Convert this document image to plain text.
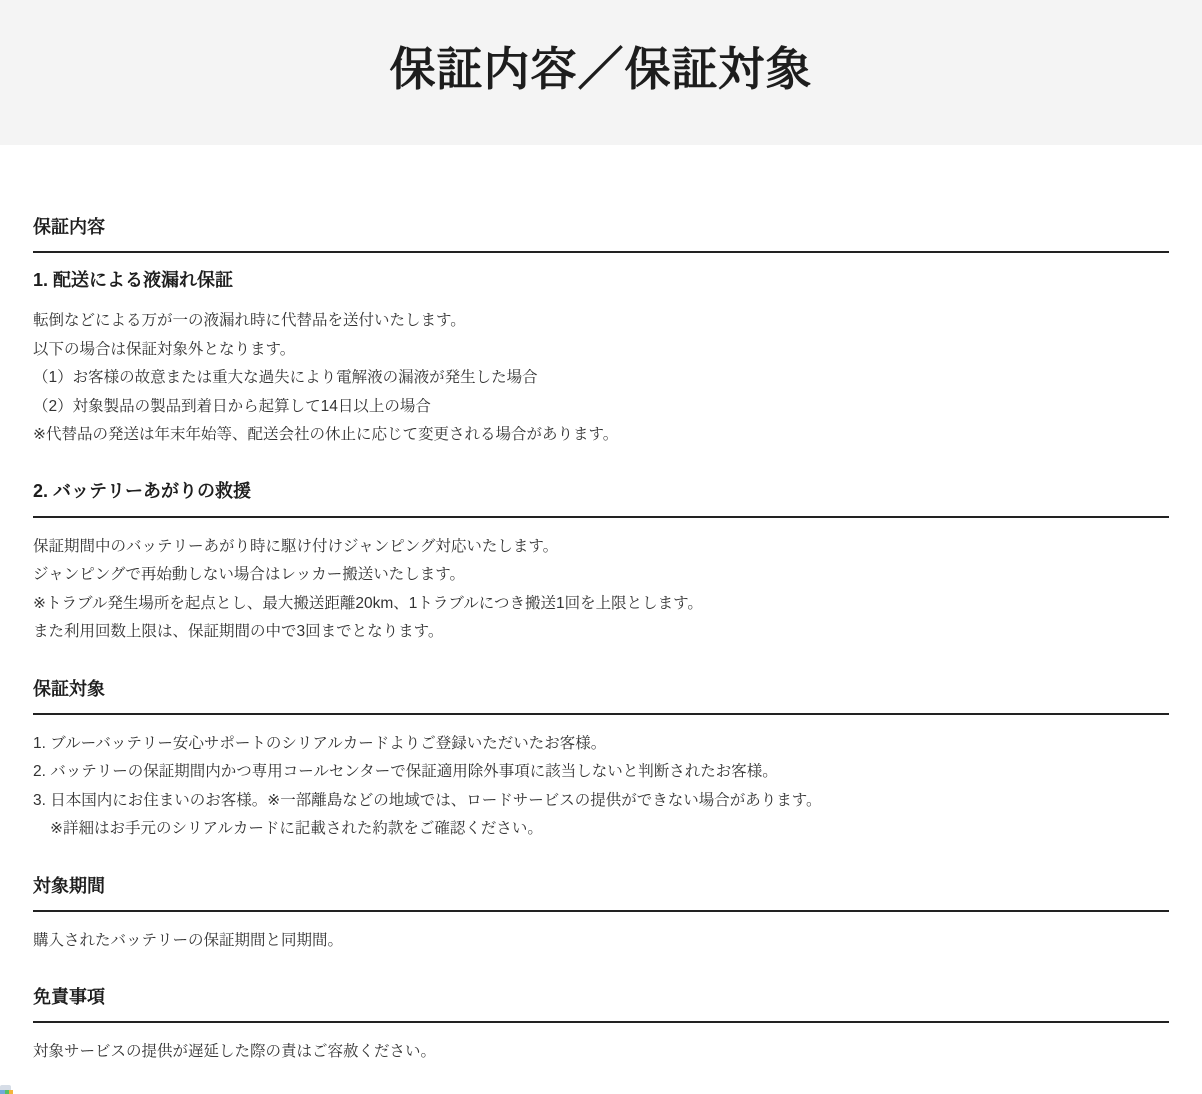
保証内容／保証対象
保証内容
1. 配送による液漏れ保証

転倒などによる万が一の液漏れ時に代替品を送付いたします。
以下の場合は保証対象外となります。
（1）お客様の故意または重大な過失により電解液の漏液が発生した場合
（2）対象製品の製品到着日から起算して14日以上の場合
※代替品の発送は年末年始等、配送会社の休止に応じて変更される場合があります。

2. バッテリーあがりの救援

保証期間中のバッテリーあがり時に駆け付けジャンピング対応いたします。
ジャンピングで再始動しない場合はレッカー搬送いたします。
※トラブル発生場所を起点とし、最大搬送距離20km、1トラブルにつき搬送1回を上限とします。
また利用回数上限は、保証期間の中で3回までとなります。

保証対象

1. ブルーバッテリー安心サポートのシリアルカードよりご登録いただいたお客様。
2. バッテリーの保証期間内かつ専用コールセンターで保証適用除外事項に該当しないと判断されたお客様。
3. 日本国内にお住まいのお客様。※一部離島などの地域では、ロードサービスの提供ができない場合があります。
※詳細はお手元のシリアルカードに記載された約款をご確認ください。

対象期間

購入されたバッテリーの保証期間と同期間。

免責事項

対象サービスの提供が遅延した際の責はご容赦ください。
